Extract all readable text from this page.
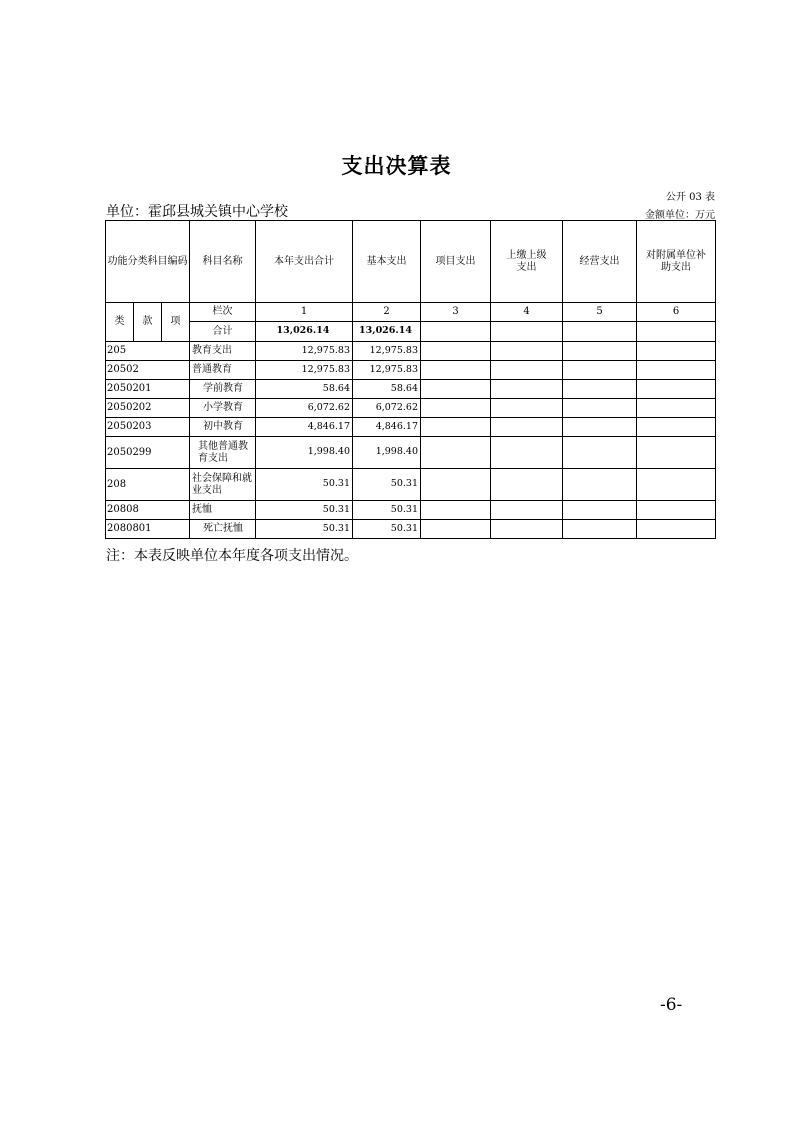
支出决算表
公开 03 表
单位：霍邱县城关镇中心学校	金额单位：万元
功能分类科目编码			科目名称	本年支出合计	基本支出	项目支出	上缴上级支出	经营支出	对附属单位补助支出
类	款	项	栏次	1	2	3	4	5	6
			合计	13,026.14	13,026.14				
205			教育支出	12,975.83	12,975.83				
20502			普通教育	12,975.83	12,975.83				
2050201			学前教育	58.64	58.64				
2050202			小学教育	6,072.62	6,072.62				
2050203			初中教育	4,846.17	4,846.17				
2050299			其他普通教育支出	1,998.40	1,998.40				
208			社会保障和就业支出	50.31	50.31				
20808			抚恤	50.31	50.31				
2080801			死亡抚恤	50.31	50.31				
注：本表反映单位本年度各项支出情况。
-6-
